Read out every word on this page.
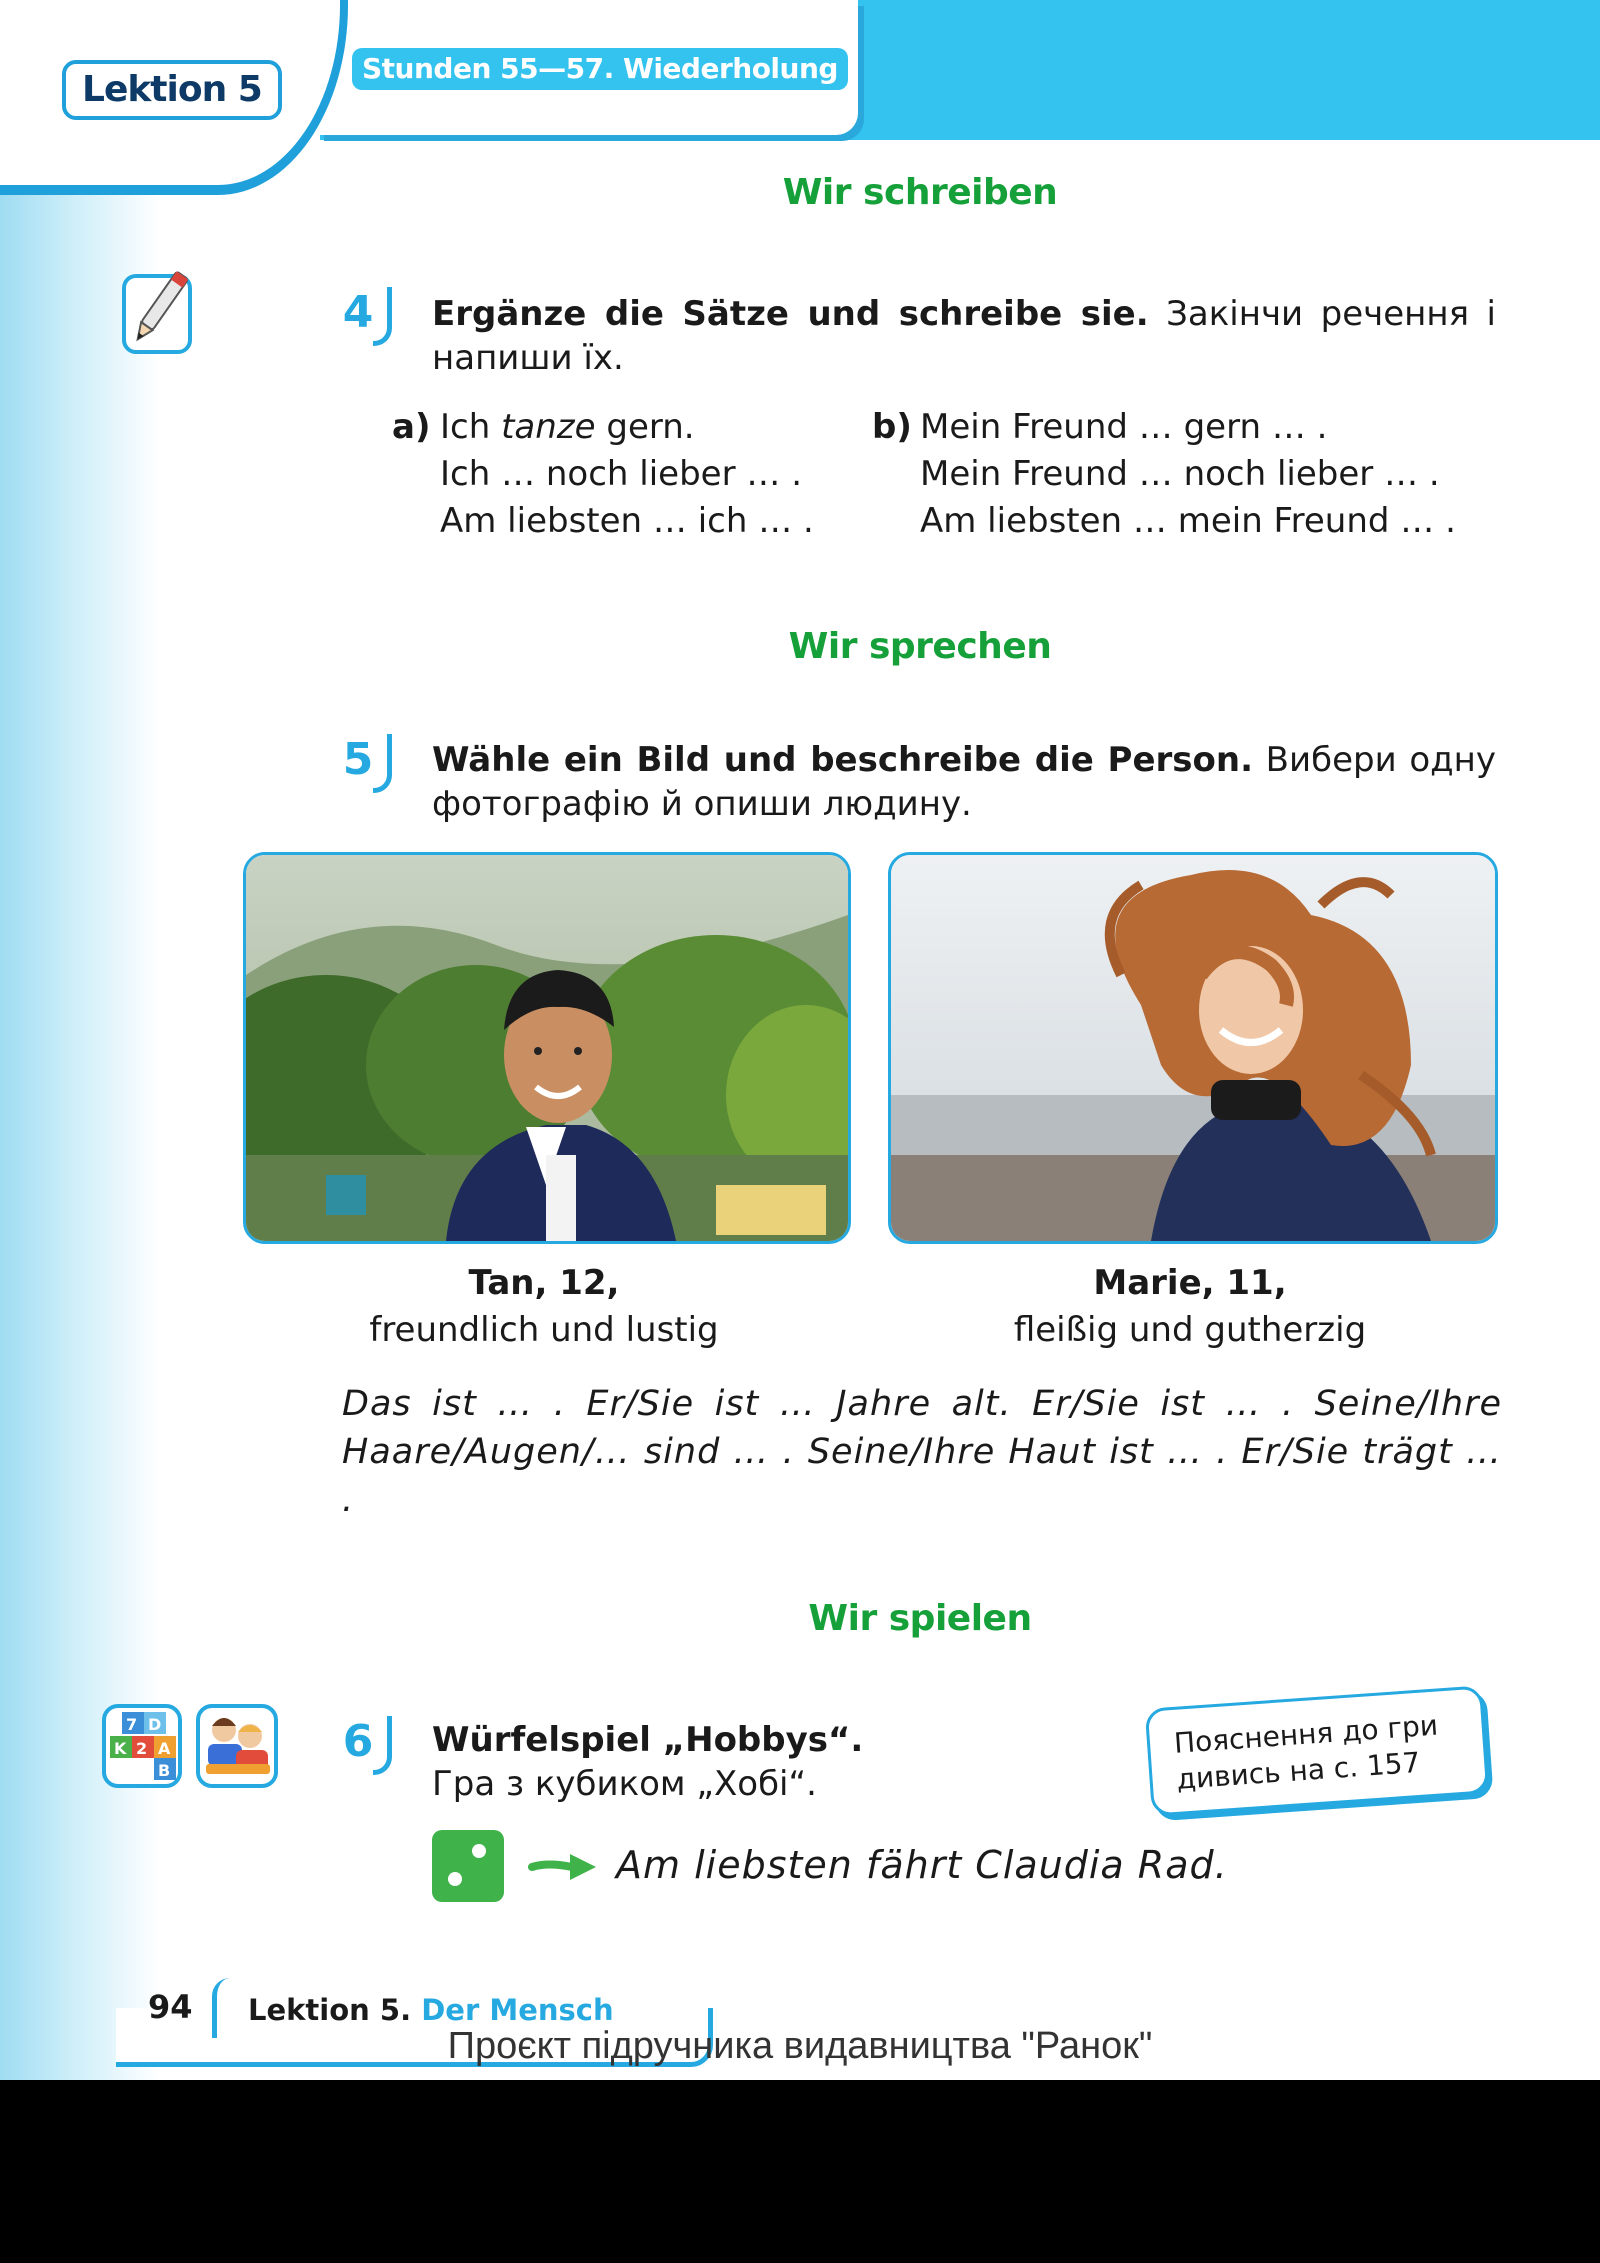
Lektion 5
Stunden 55—57. Wiederholung
Wir schreiben
4	Ergänze die Sätze und schreibe sie. Закінчи речення і напиши їх.
a) Ich tanze gern.
Ich … noch lieber … .
Am liebsten … ich … .
b) Mein Freund … gern … .
Mein Freund … noch lieber … .
Am liebsten … mein Freund … .
Wir sprechen
5	Wähle ein Bild und beschreibe die Person. Вибери одну фотографію й опиши людину.
Tan, 12,
freundlich und lustig
Marie, 11,
fleißig und gutherzig
Das ist … . Er/Sie ist … Jahre alt. Er/Sie ist … . Seine/Ihre Haare/Augen/… sind … . Seine/Ihre Haut ist … . Er/Sie trägt … .
Wir spielen
7 D
K 2 A
B
6	Würfelspiel „Hobbys“.
Гра з кубиком „Хобі“.
Пояснення до гри дивись на с. 157
Am liebsten fährt Claudia Rad.
94 Lektion 5. Der Mensch
Проєкт підручника видавництва "Ранок"
